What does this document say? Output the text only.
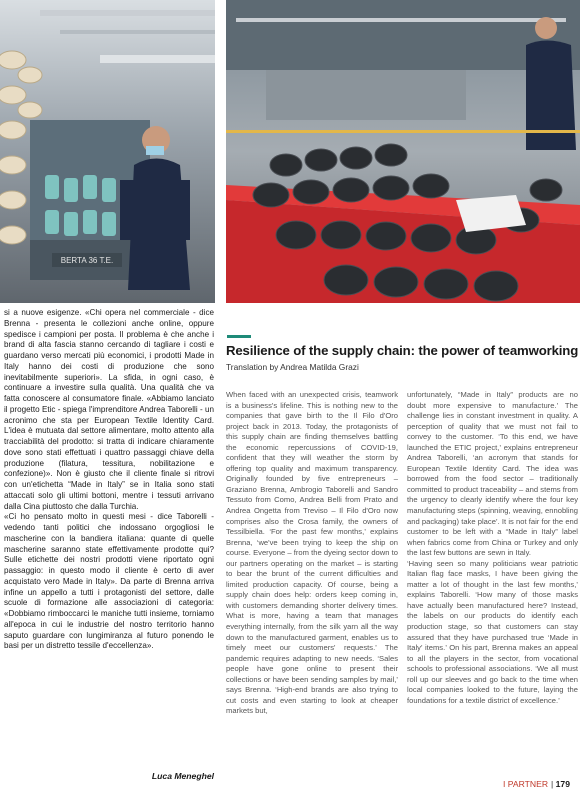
BERTA 36 T.E.

si a nuove esigenze. «Chi opera nel commerciale - dice Brenna - presenta le collezioni anche online, oppure spedisce i campioni per posta. Il problema è che anche i brand di alta fascia stanno cercando di tagliare i costi e guardano verso mercati più economici, i prodotti Made in Italy hanno dei costi di produzione che sono inevitabilmente superiori». La sfida, in ogni caso, è continuare a investire sulla qualità. Una qualità che va fatta conoscere al consumatore finale. «Abbiamo lanciato il progetto Etic - spiega l'imprenditore Andrea Taborelli - un acronimo che sta per European Textile Identity Card. L'idea è mutuata dal settore alimentare, molto attento alla tracciabilità del prodotto: si tratta di indicare chiaramente dove sono stati effettuati i quattro passaggi chiave della produzione (filatura, tessitura, nobilitazione e confezione)». Non è giusto che il cliente finale si ritrovi con un'etichetta “Made in Italy” se in Italia sono stati attaccati solo gli ultimi bottoni, mentre i tessuti arrivano dalla Cina piuttosto che dalla Turchia.

«Ci ho pensato molto in questi mesi - dice Taborelli - vedendo tanti politici che indossano orgogliosi le mascherine con la bandiera italiana: quante di quelle mascherine saranno state effettivamente prodotte qui? Sulle etichette dei nostri prodotti viene riportato ogni passaggio: in questo modo il cliente è certo di aver acquistato vero Made in Italy». Da parte di Brenna arriva infine un appello a tutti i protagonisti del settore, dalle scuole di formazione alle associazioni di categoria: «Dobbiamo rimboccarci le maniche tutti insieme, torniamo all'epoca in cui le industrie del nostro territorio hanno saputo guardare con lungimiranza al futuro ponendo le basi per un distretto tessile d'eccellenza».

Luca Meneghel
Resilience of the supply chain: the power of teamworking
Translation by Andrea Matilda Grazi

When faced with an unexpected crisis, teamwork is a business's lifeline. This is nothing new to the companies that gave birth to the Il Filo d'Oro project back in 2013. Today, the protagonists of this supply chain are finding themselves battling the economic repercussions of COVID-19, confident that they will weather the storm by offering top quality and maximum transparency. Originally founded by five entrepreneurs – Graziano Brenna, Ambrogio Taborelli and Sandro Tessuto from Como, Andrea Belli from Prato and Andrea Ongetta from Treviso – Il Filo d'Oro now comprises also the Crosa family, the owners of Tessilbiella. ‘For the past few months,’ explains Brenna, ‘we've been trying to keep the ship on course. Everyone – from the dyeing sector down to our partners operating on the market – is starting to bear the brunt of the current difficulties and limited production capacity. Of course, being a supply chain does help: orders keep coming in, with customers demanding shorter delivery times. What is more, having a team that manages everything internally, from the silk yarn all the way down to the manufactured garment, enables us to timely meet our customers' requests.’ The pandemic requires adapting to new needs. ‘Sales people have gone online to present their collections or have been sending samples by mail,’ says Brenna. ‘High-end brands are also trying to cut costs and even starting to look at cheaper markets but,

unfortunately, “Made in Italy” products are no doubt more expensive to manufacture.’ The challenge lies in constant investment in quality. A perception of quality that we must not fail to convey to the customer. ‘To this end, we have launched the ETIC project,’ explains entrepreneur Andrea Taborelli, ‘an acronym that stands for European Textile Identity Card. The idea was borrowed from the food sector – traditionally committed to product traceability – and stems from the urgency to clearly identify where the four key manufacturing steps (spinning, weaving, ennobling and packaging) take place’. It is not fair for the end customer to be left with a “Made in Italy” label when fabrics come from China or Turkey and only the last few buttons are sewn in Italy.

‘Having seen so many politicians wear patriotic Italian flag face masks, I have been giving the matter a lot of thought in the last few months,’ explains Taborelli. ‘How many of those masks have actually been manufactured here? Instead, the labels on our products do identify each production stage, so that customers can stay assured that they have purchased true ‘Made in Italy’ items.’ On his part, Brenna makes an appeal to all the players in the sector, from vocational schools to professional associations. ‘We all must roll up our sleeves and go back to the time when local companies looked to the future, laying the foundations for a textile district of excellence.’

I PARTNER | 179
